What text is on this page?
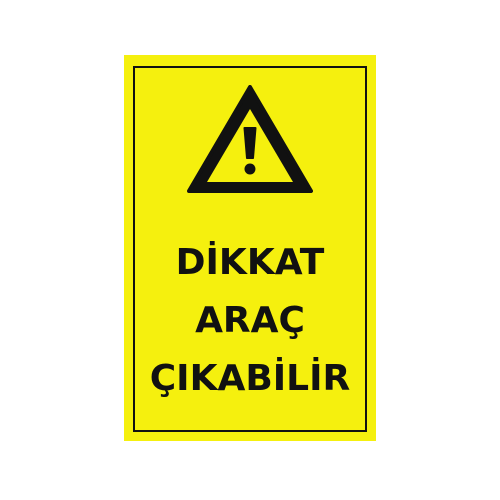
DİKKAT
ARAÇ
ÇIKABİLİR
